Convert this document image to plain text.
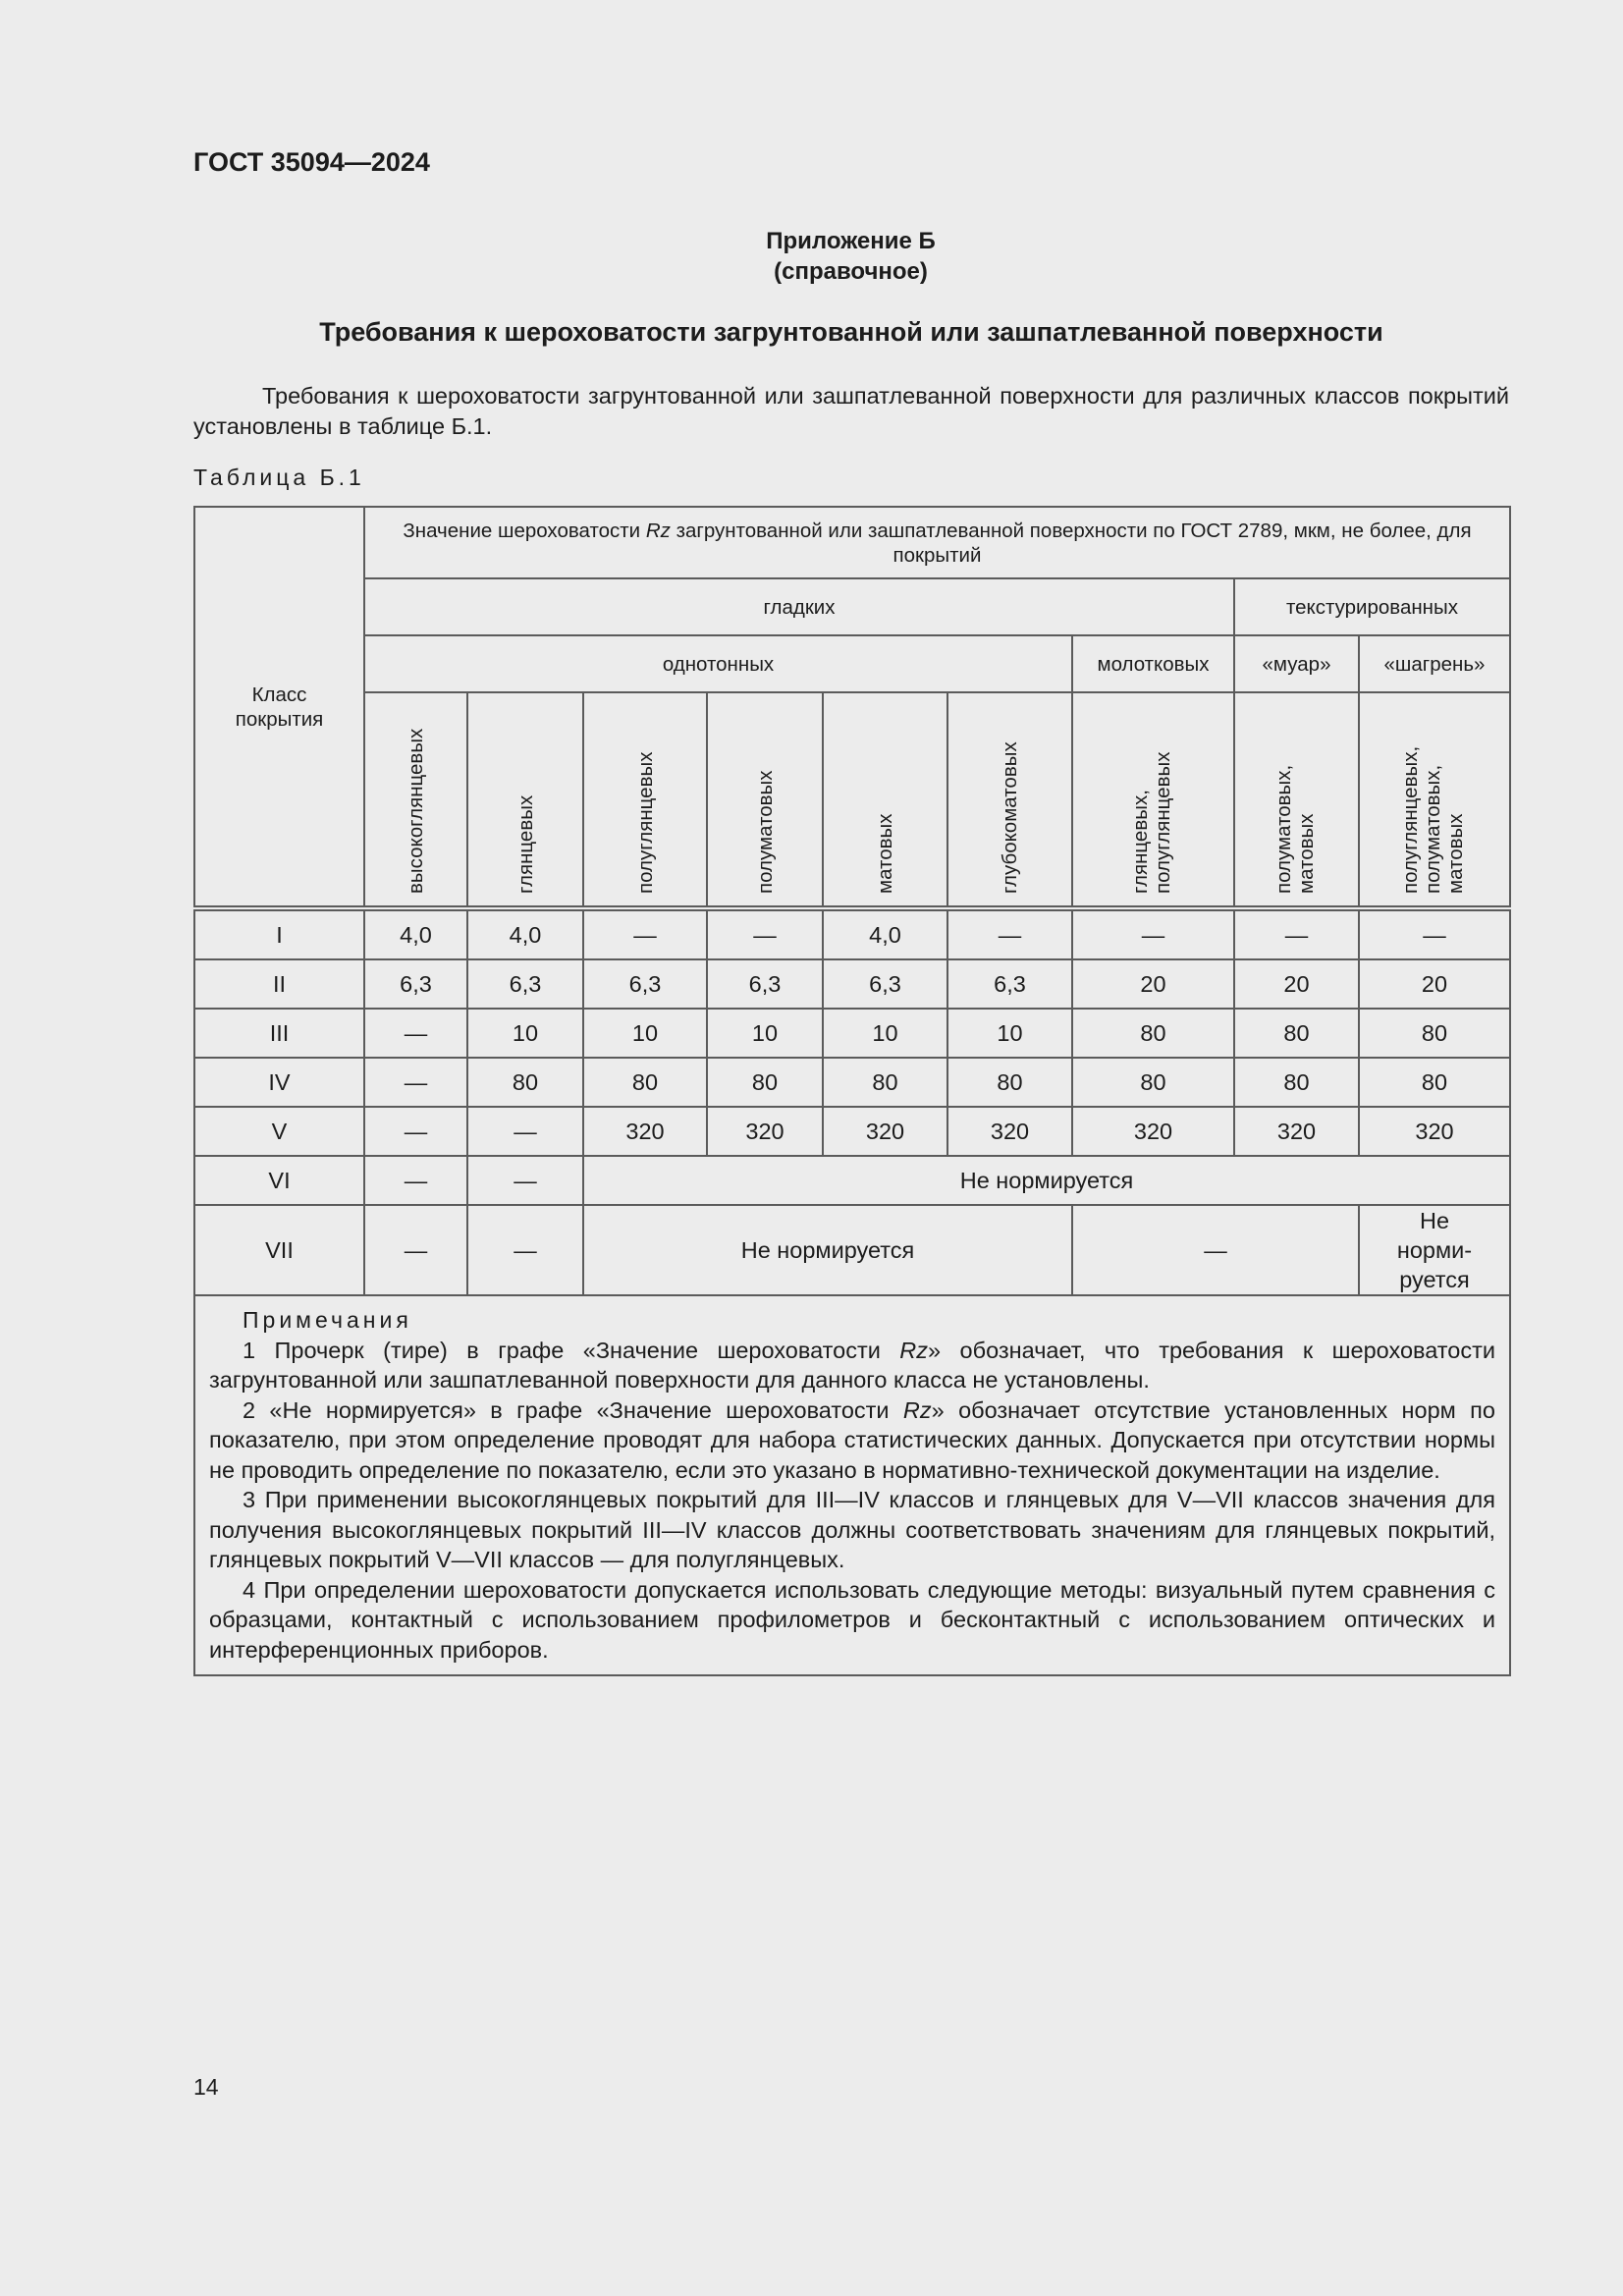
ГОСТ 35094—2024
Приложение Б
(справочное)
Требования к шероховатости загрунтованной или зашпатлеванной поверхности
Требования к шероховатости загрунтованной или зашпатлеванной поверхности для различных классов покрытий установлены в таблице Б.1.
Таблица Б.1
Класс покрытия	Значение шероховатости Rz загрунтованной или зашпатлеванной поверхности по ГОСТ 2789, мкм, не более, для покрытий								
	гладких							текстурированных	
	однотонных						молотковых	«муар»	«шагрень»
	высокоглянцевых	глянцевых	полуглянцевых	полуматовых	матовых	глубокоматовых	глянцевых, полуглянцевых	полуматовых, матовых	полуглянцевых, полуматовых, матовых
I	4,0	4,0	—	—	4,0	—	—	—	—
II	6,3	6,3	6,3	6,3	6,3	6,3	20	20	20
III	—	10	10	10	10	10	80	80	80
IV	—	80	80	80	80	80	80	80	80
V	—	—	320	320	320	320	320	320	320
VI	—	—	Не нормируется						
VII	—	—	Не нормируется				—		Не норми-руется

Примечания
1 Прочерк (тире) в графе «Значение шероховатости Rz» обозначает, что требования к шероховатости загрунтованной или зашпатлеванной поверхности для данного класса не установлены.
2 «Не нормируется» в графе «Значение шероховатости Rz» обозначает отсутствие установленных норм по показателю, при этом определение проводят для набора статистических данных. Допускается при отсутствии нормы не проводить определение по показателю, если это указано в нормативно-технической документации на изделие.
3 При применении высокоглянцевых покрытий для III—IV классов и глянцевых для V—VII классов значения для получения высокоглянцевых покрытий III—IV классов должны соответствовать значениям для глянцевых покрытий, глянцевых покрытий V—VII классов — для полуглянцевых.
4 При определении шероховатости допускается использовать следующие методы: визуальный путем сравнения с образцами, контактный с использованием профилометров и бесконтактный с использованием оптических и интерференционных приборов.									
14
